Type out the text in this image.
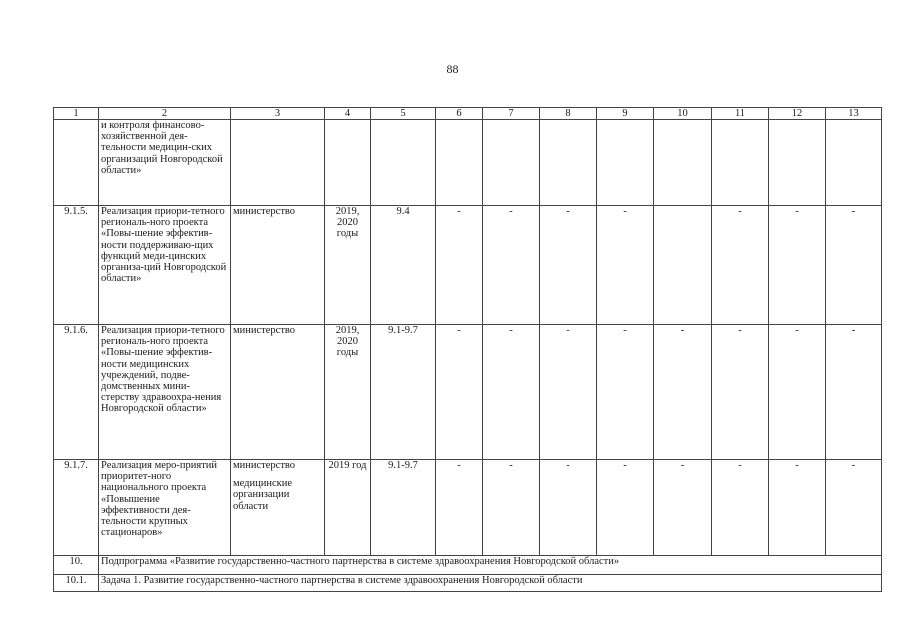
88
1	2	3	4	5	6	7	8	9	10	11	12	13
	и контроля финансово-хозяйственной дея-тельности медицин-ских организаций Новгородской области»											
9.1.5.	Реализация приори-тетного региональ-ного проекта «Повы-шение эффектив-ности поддерживаю-щих функций меди-цинских организа-ций Новгородской области»	министерство	2019, 2020 годы	9.4	-	-	-	-		-	-	-
9.1.6.	Реализация приори-тетного региональ-ного проекта «Повы-шение эффектив-ности медицинских учреждений, подве-домственных мини-стерству здравоохра-нения Новгородской области»	министерство	2019, 2020 годы	9.1-9.7	-	-	-	-	-	-	-	-
9.1.7.	Реализация меро-приятий приоритет-ного национального проекта «Повышение эффективности дея-тельности крупных стационаров»	министерство
медицинские организации области	2019 год	9.1-9.7	-	-	-	-	-	-	-	-
10.	Подпрограмма «Развитие государственно-частного партнерства в системе здравоохранения Новгородской области»											
10.1.	Задача 1. Развитие государственно-частного партнерства в системе здравоохранения Новгородской области											
